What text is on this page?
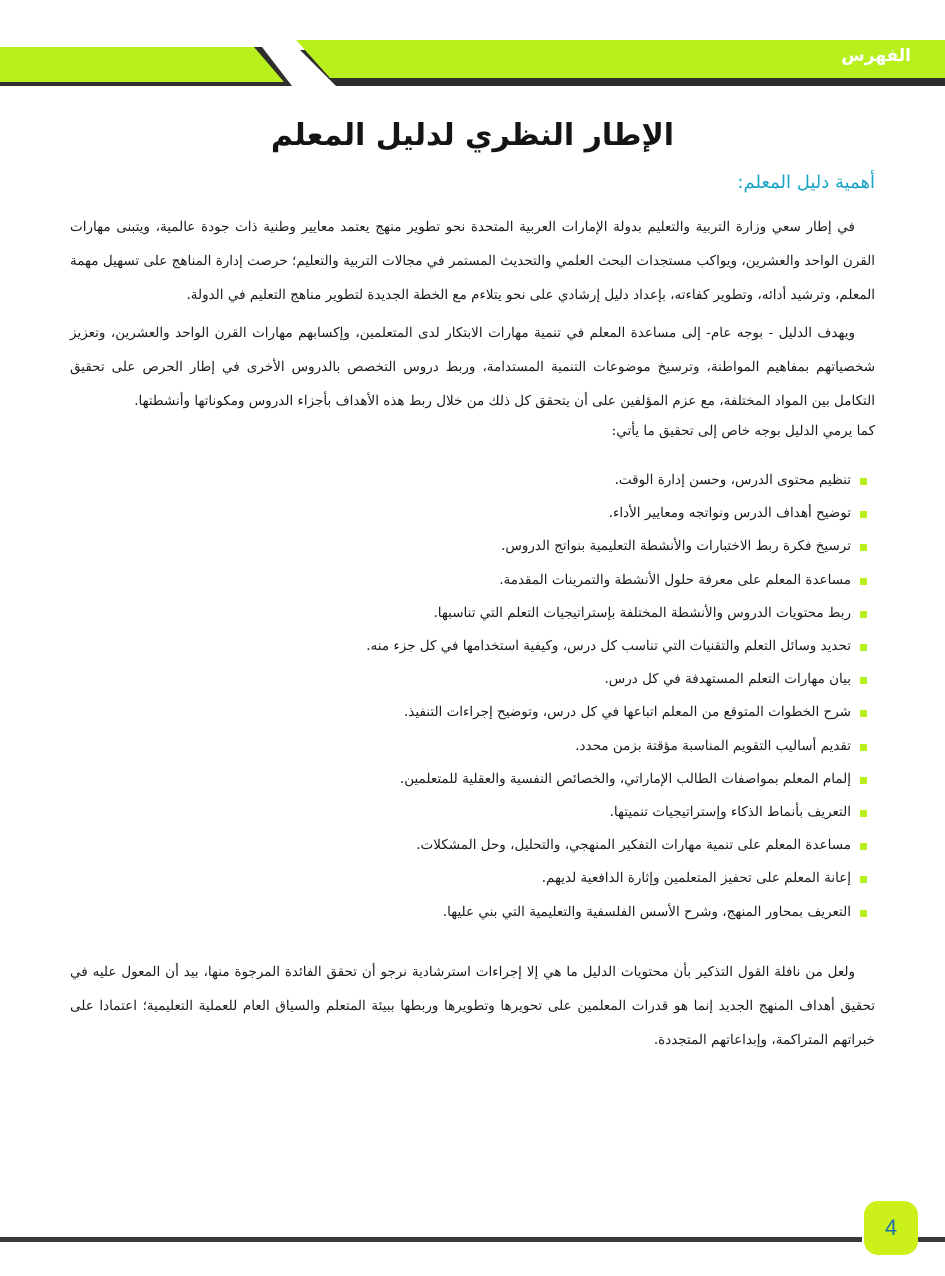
الفهرس
الإطار النظري لدليل المعلم
أهمية دليل المعلم:

في إطار سعي وزارة التربية والتعليم بدولة الإمارات العربية المتحدة نحو تطوير منهج يعتمد معايير وطنية ذات جودة عالمية، ويتبنى مهارات القرن الواحد والعشرين، ويواكب مستجدات البحث العلمي والتحديث المستمر في مجالات التربية والتعليم؛ حرصت إدارة المناهج على تسهيل مهمة المعلم، وترشيد أدائه، وتطوير كفاءته، بإعداد دليل إرشادي على نحو يتلاءم مع الخطة الجديدة لتطوير مناهج التعليم في الدولة.

ويهدف الدليل - بوجه عام- إلى مساعدة المعلم في تنمية مهارات الابتكار لدى المتعلمين، وإكسابهم مهارات القرن الواحد والعشرين، وتعزيز شخصياتهم بمفاهيم المواطنة، وترسيخ موضوعات التنمية المستدامة، وربط دروس التخصص بالدروس الأخرى في إطار الحرص على تحقيق التكامل بين المواد المختلفة، مع عزم المؤلفين على أن يتحقق كل ذلك من خلال ربط هذه الأهداف بأجزاء الدروس ومكوناتها وأنشطتها.

كما يرمي الدليل بوجه خاص إلى تحقيق ما يأتي:
تنظيم محتوى الدرس، وحسن إدارة الوقت.
توضيح أهداف الدرس ونواتجه ومعايير الأداء.
ترسيخ فكرة ربط الاختبارات والأنشطة التعليمية بنواتج الدروس.
مساعدة المعلم على معرفة حلول الأنشطة والتمرينات المقدمة.
ربط محتويات الدروس والأنشطة المختلفة بإستراتيجيات التعلم التي تناسبها.
تحديد وسائل التعلم والتقنيات التي تناسب كل درس، وكيفية استخدامها في كل جزء منه.
بيان مهارات التعلم المستهدفة في كل درس.
شرح الخطوات المتوقع من المعلم اتباعها في كل درس، وتوضيح إجراءات التنفيذ.
تقديم أساليب التقويم المناسبة مؤقتة بزمن محدد.
إلمام المعلم بمواصفات الطالب الإماراتي، والخصائص النفسية والعقلية للمتعلمين.
التعريف بأنماط الذكاء وإستراتيجيات تنميتها.
مساعدة المعلم على تنمية مهارات التفكير المنهجي، والتحليل، وحل المشكلات.
إعانة المعلم على تحفيز المتعلمين وإثارة الدافعية لديهم.
التعريف بمحاور المنهج، وشرح الأسس الفلسفية والتعليمية التي بني عليها.

ولعل من نافلة القول التذكير بأن محتويات الدليل ما هي إلا إجراءات استرشادية نرجو أن تحقق الفائدة المرجوة منها، بيد أن المعول عليه في تحقيق أهداف المنهج الجديد إنما هو قدرات المعلمين على تحويرها وتطويرها وربطها ببيئة المتعلم والسياق العام للعملية التعليمية؛ اعتمادا على خبراتهم المتراكمة، وإبداعاتهم المتجددة.

4
